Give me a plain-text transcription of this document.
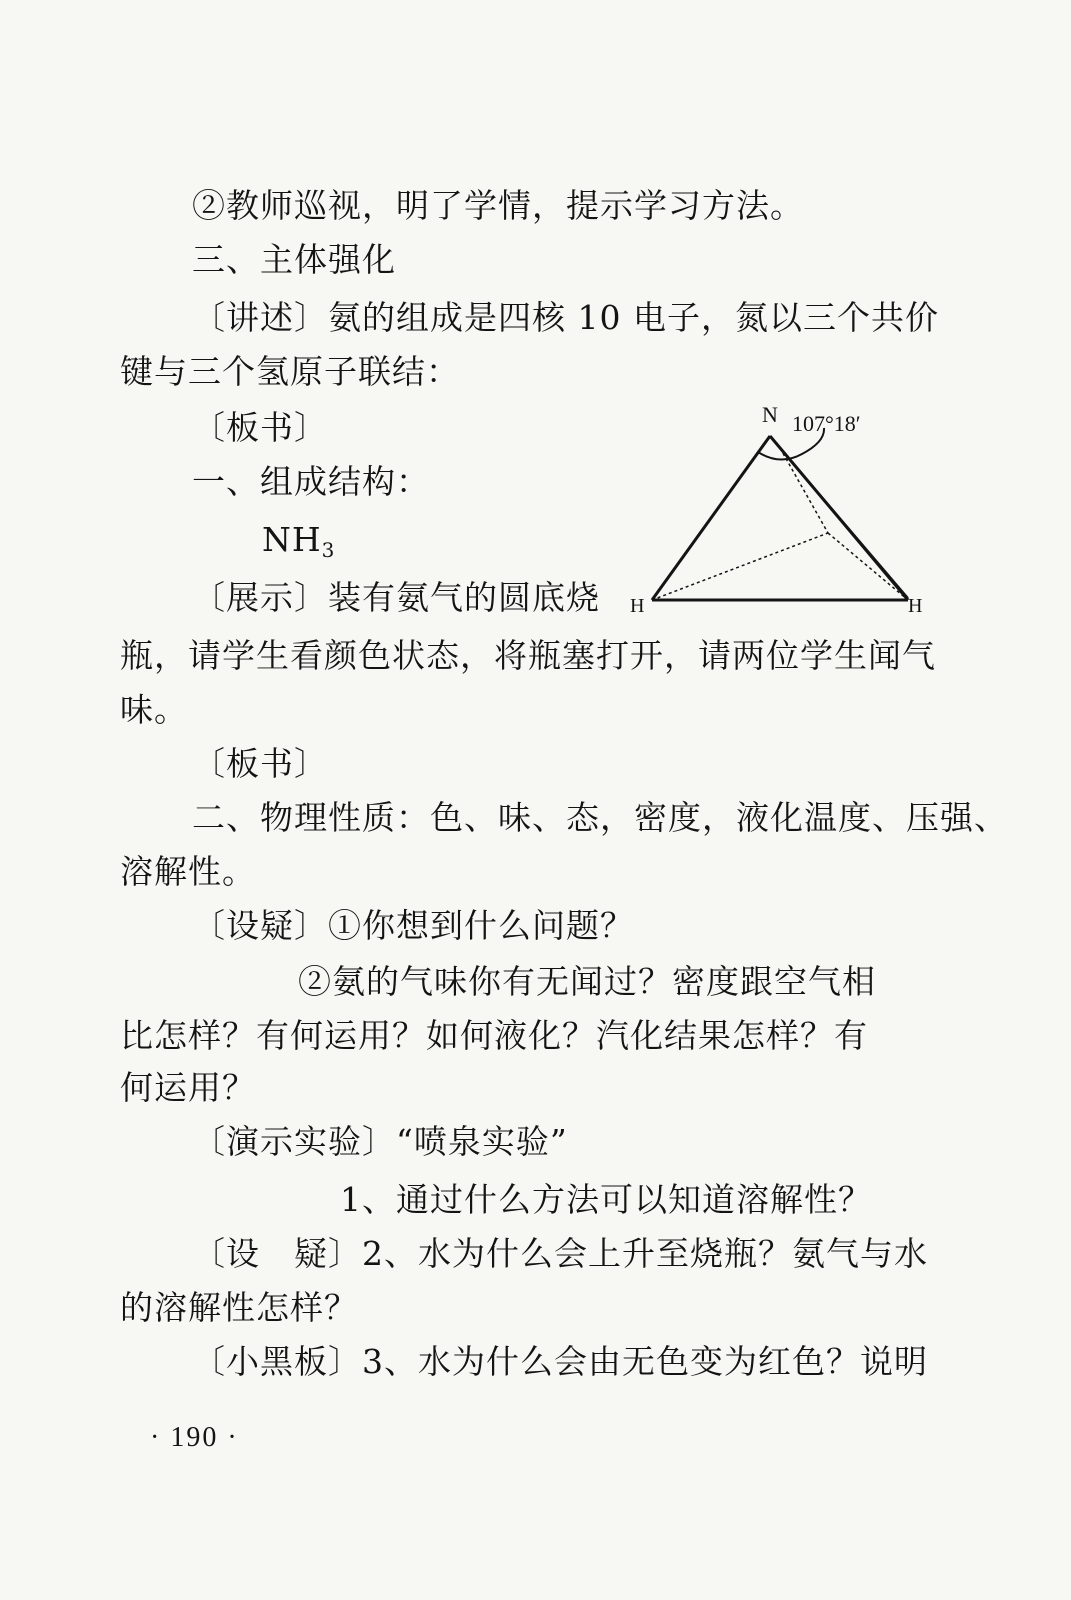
②教师巡视，明了学情，提示学习方法。
三、主体强化
〔讲述〕氨的组成是四核 10 电子，氮以三个共价
键与三个氢原子联结：
〔板书〕
一、组成结构：
NH3
〔展示〕装有氨气的圆底烧
瓶，请学生看颜色状态，将瓶塞打开，请两位学生闻气
味。
〔板书〕
二、物理性质：色、味、态，密度，液化温度、压强、
溶解性。
〔设疑〕①你想到什么问题？
②氨的气味你有无闻过？密度跟空气相
比怎样？有何运用？如何液化？汽化结果怎样？有
何运用？
〔演示实验〕“喷泉实验”
1、通过什么方法可以知道溶解性？
〔设　疑〕2、水为什么会上升至烧瓶？氨气与水
的溶解性怎样？
〔小黑板〕3、水为什么会由无色变为红色？说明
N
H	H
107°18′
· 190 ·
